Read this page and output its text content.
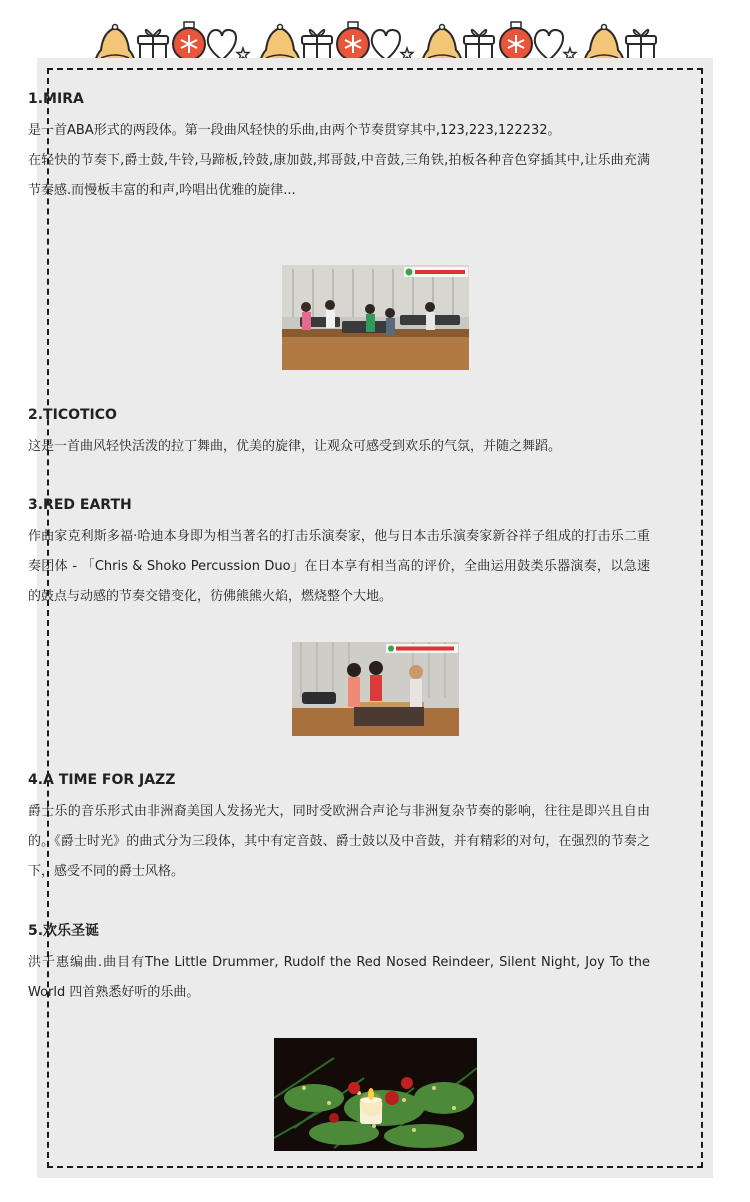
1.MIRA

是一首ABA形式的两段体。第一段曲风轻快的乐曲,由两个节奏贯穿其中,123,223,122232。

在轻快的节奏下,爵士鼓,牛铃,马蹄板,铃鼓,康加鼓,邦哥鼓,中音鼓,三角铁,拍板各种音色穿插其中,让乐曲充满节奏感.而慢板丰富的和声,吟唱出优雅的旋律...

2.TICOTICO

这是一首曲风轻快活泼的拉丁舞曲，优美的旋律，让观众可感受到欢乐的气氛，并随之舞蹈。

3.RED EARTH

作曲家克利斯多福·哈迪本身即为相当著名的打击乐演奏家，他与日本击乐演奏家新谷祥子组成的打击乐二重奏团体 - 「Chris & Shoko Percussion Duo」在日本享有相当高的评价，全曲运用鼓类乐器演奏，以急速的鼓点与动感的节奏交错变化，彷佛熊熊火焰，燃烧整个大地。

4.A TIME FOR JAZZ

爵士乐的音乐形式由非洲裔美国人发扬光大，同时受欧洲合声论与非洲复杂节奏的影响，往往是即兴且自由的。《爵士时光》的曲式分为三段体，其中有定音鼓、爵士鼓以及中音鼓，并有精彩的对句，在强烈的节奏之下，感受不同的爵士风格。

5.欢乐圣诞

洪千惠编曲.曲目有The Little Drummer, Rudolf the Red Nosed Reindeer, Silent Night, Joy To the World 四首熟悉好听的乐曲。
